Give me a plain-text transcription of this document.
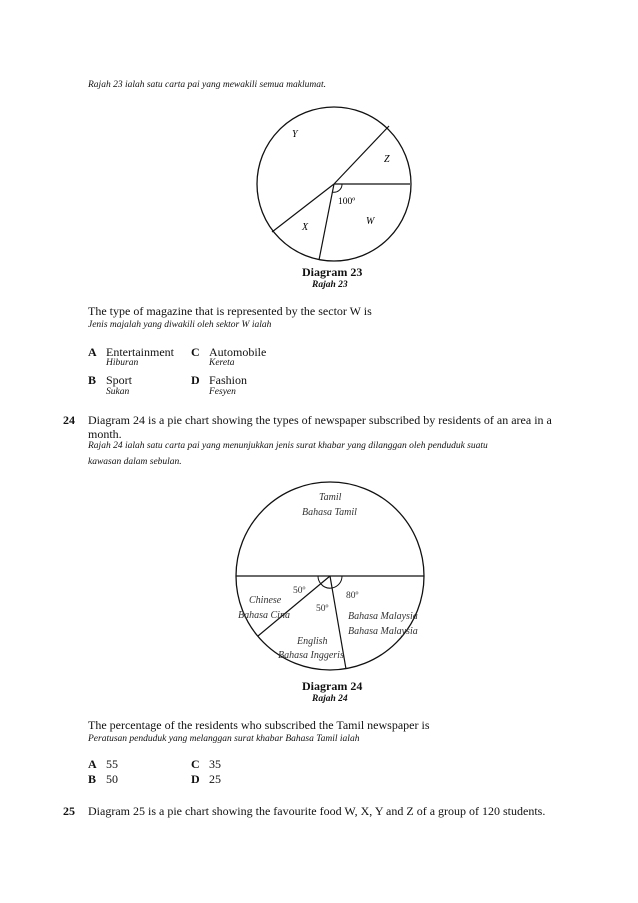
Rajah 23 ialah satu carta pai yang mewakili semua maklumat.
Y
Z
X
W
100º
Diagram 23
Rajah 23
The type of magazine that is represented by the sector W is
Jenis majalah yang diwakili oleh sektor W ialah
A Entertainment
Hiburan
C Automobile
Kereta
B Sport
Sukan
D Fashion
Fesyen
24 Diagram 24 is a pie chart showing the types of newspaper subscribed by residents of an area in a
month.
Rajah 24 ialah satu carta pai yang menunjukkan jenis surat khabar yang dilanggan oleh penduduk suatu
kawasan dalam sebulan.
Tamil
Bahasa Tamil
50º
50º
80º
Chinese
Bahasa Cina
English
Bahasa Inggeris
Bahasa Malaysia
Bahasa Malaysia
Diagram 24
Rajah 24
The percentage of the residents who subscribed the Tamil newspaper is
Peratusan penduduk yang melanggan surat khabar Bahasa Tamil ialah
A 55	C 35
B 50	D 25
25 Diagram 25 is a pie chart showing the favourite food W, X, Y and Z of a group of 120 students.
